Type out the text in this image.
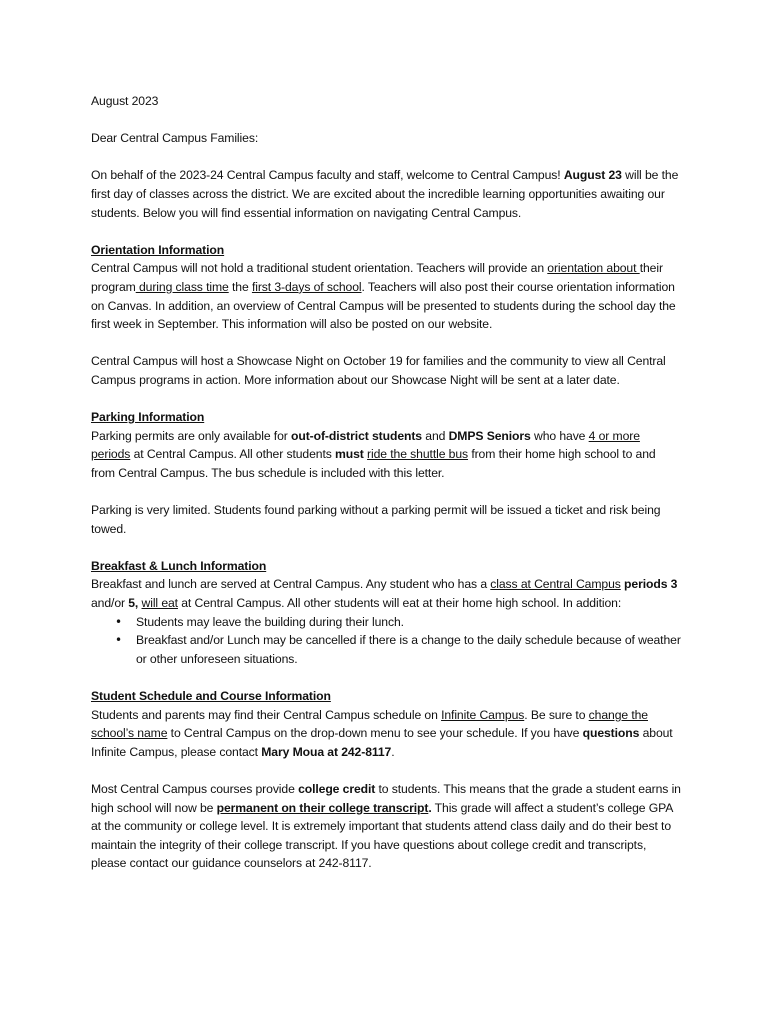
August 2023

Dear Central Campus Families:

On behalf of the 2023-24 Central Campus faculty and staff, welcome to Central Campus! August 23 will be the first day of classes across the district. We are excited about the incredible learning opportunities awaiting our students. Below you will find essential information on navigating Central Campus.

Orientation Information

Central Campus will not hold a traditional student orientation. Teachers will provide an orientation about their program during class time the first 3-days of school. Teachers will also post their course orientation information on Canvas. In addition, an overview of Central Campus will be presented to students during the school day the first week in September. This information will also be posted on our website.

Central Campus will host a Showcase Night on October 19 for families and the community to view all Central Campus programs in action. More information about our Showcase Night will be sent at a later date.

Parking Information

Parking permits are only available for out-of-district students and DMPS Seniors who have 4 or more periods at Central Campus. All other students must ride the shuttle bus from their home high school to and from Central Campus. The bus schedule is included with this letter.

Parking is very limited. Students found parking without a parking permit will be issued a ticket and risk being towed.

Breakfast & Lunch Information

Breakfast and lunch are served at Central Campus. Any student who has a class at Central Campus periods 3 and/or 5, will eat at Central Campus. All other students will eat at their home high school. In addition:

• Students may leave the building during their lunch.
• Breakfast and/or Lunch may be cancelled if there is a change to the daily schedule because of weather or other unforeseen situations.

Student Schedule and Course Information

Students and parents may find their Central Campus schedule on Infinite Campus. Be sure to change the school’s name to Central Campus on the drop-down menu to see your schedule. If you have questions about Infinite Campus, please contact Mary Moua at 242-8117.

Most Central Campus courses provide college credit to students. This means that the grade a student earns in high school will now be permanent on their college transcript. This grade will affect a student’s college GPA at the community or college level. It is extremely important that students attend class daily and do their best to maintain the integrity of their college transcript. If you have questions about college credit and transcripts, please contact our guidance counselors at 242-8117.
